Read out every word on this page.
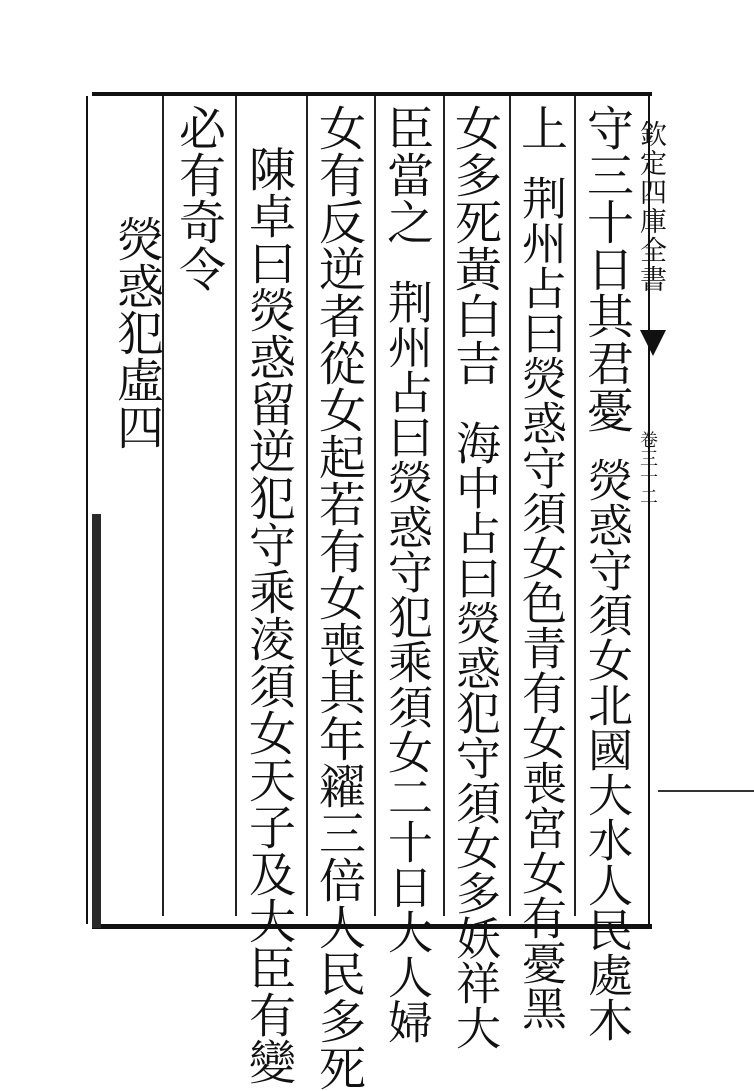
欽定四庫全書
卷三十二
守三十日其君憂熒惑守須女北國大水人民處木
上荆州占曰熒惑守須女色青有女喪宮女有憂黑
女多死黃白吉海中占曰熒惑犯守須女多妖祥大
臣當之荆州占曰熒惑守犯乘須女二十日大人婦
女有反逆者從女起若有女喪其年糴三倍人民多死
陳卓曰熒惑留逆犯守乘淩須女天子及大臣有變
必有奇令
熒惑犯虛四
